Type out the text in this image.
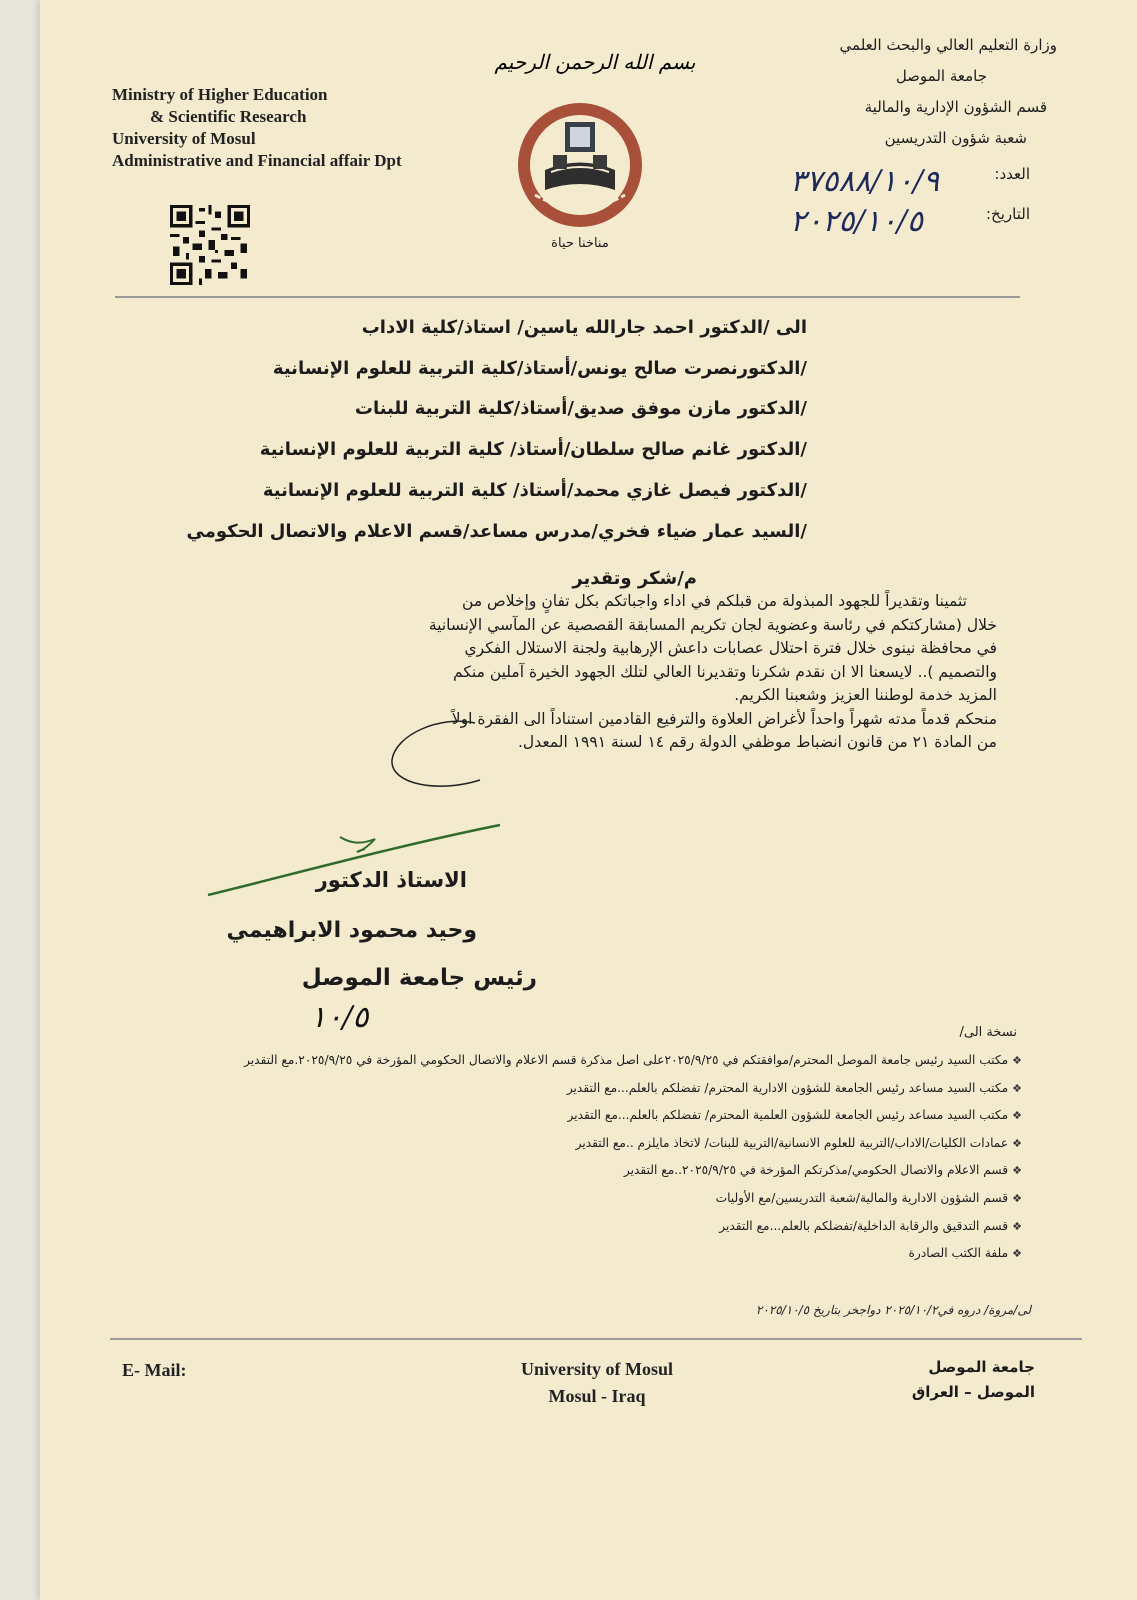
بسم الله الرحمن الرحيم
Ministry of Higher Education
& Scientific Research
University of Mosul
Administrative and Financial affair Dpt
وزارة التعليم العالي والبحث العلمي
جامعة الموصل
قسم الشؤون الإدارية والمالية
شعبة شؤون التدريسين
مناخنا حياة
العدد:
٣٧٥٨٨/١٠/٩
التاريخ:
٢٠٢٥/١٠/٥
الى /الدكتور احمد جارالله ياسين/ استاذ/كلية الاداب
/الدكتورنصرت صالح يونس/أستاذ/كلية التربية للعلوم الإنسانية
/الدكتور مازن موفق صديق/أستاذ/كلية التربية للبنات
/الدكتور غانم صالح سلطان/أستاذ/ كلية التربية للعلوم الإنسانية
/الدكتور فيصل غازي محمد/أستاذ/ كلية التربية للعلوم الإنسانية
/السيد عمار ضياء فخري/مدرس مساعد/قسم الاعلام والاتصال الحكومي
م/شكر وتقدير
تثمينا وتقديراً للجهود المبذولة من قبلكم في اداء واجباتكم بكل تفانٍ وإخلاص من
خلال (مشاركتكم في رئاسة وعضوية لجان تكريم المسابقة القصصية عن المآسي الإنسانية
في محافظة نينوى خلال فترة احتلال عصابات داعش الإرهابية ولجنة الاستلال الفكري
والتصميم ).. لايسعنا الا ان نقدم شكرنا وتقديرنا العالي لتلك الجهود الخيرة آملين منكم
المزيد خدمة لوطننا العزيز وشعبنا الكريم.
منحكم قدماً مدته شهراً واحداً لأغراض العلاوة والترفيع القادمين استناداً الى الفقرة اولاً
من المادة ٢١ من قانون انضباط موظفي الدولة رقم ١٤ لسنة ١٩٩١ المعدل.
الاستاذ الدكتور
وحيد محمود الابراهيمي
رئيس جامعة الموصل
١٠/٥	نسخة الى/
❖مكتب السيد رئيس جامعة الموصل المحترم/موافقتكم في ٢٠٢٥/٩/٢٥على اصل مذكرة قسم الاعلام والاتصال الحكومي المؤرخة في ٢٠٢٥/٩/٢٥.مع التقدير
❖مكتب السيد مساعد رئيس الجامعة للشؤون الادارية المحترم/ تفضلكم بالعلم...مع التقدير
❖مكتب السيد مساعد رئيس الجامعة للشؤون العلمية المحترم/ تفضلكم بالعلم...مع التقدير
❖عمادات الكليات/الاداب/التربية للعلوم الانسانية/التربية للبنات/ لاتخاذ مايلزم ..مع التقدير
❖قسم الاعلام والاتصال الحكومي/مذكرتكم المؤرخة في ٢٠٢٥/٩/٢٥..مع التقدير
❖قسم الشؤون الادارية والمالية/شعبة التدريسين/مع الأوليات
❖قسم التدقيق والرقابة الداخلية/تفضلكم بالعلم...مع التقدير
❖ملفة الكتب الصادرة
لى/مروة/ دروه في٢٠٢٥/١٠/٢ دواجخر بتاريخ ٢٠٢٥/١٠/٥
E- Mail:	University of Mosul
Mosul - Iraq
جامعة الموصل
الموصل – العراق
